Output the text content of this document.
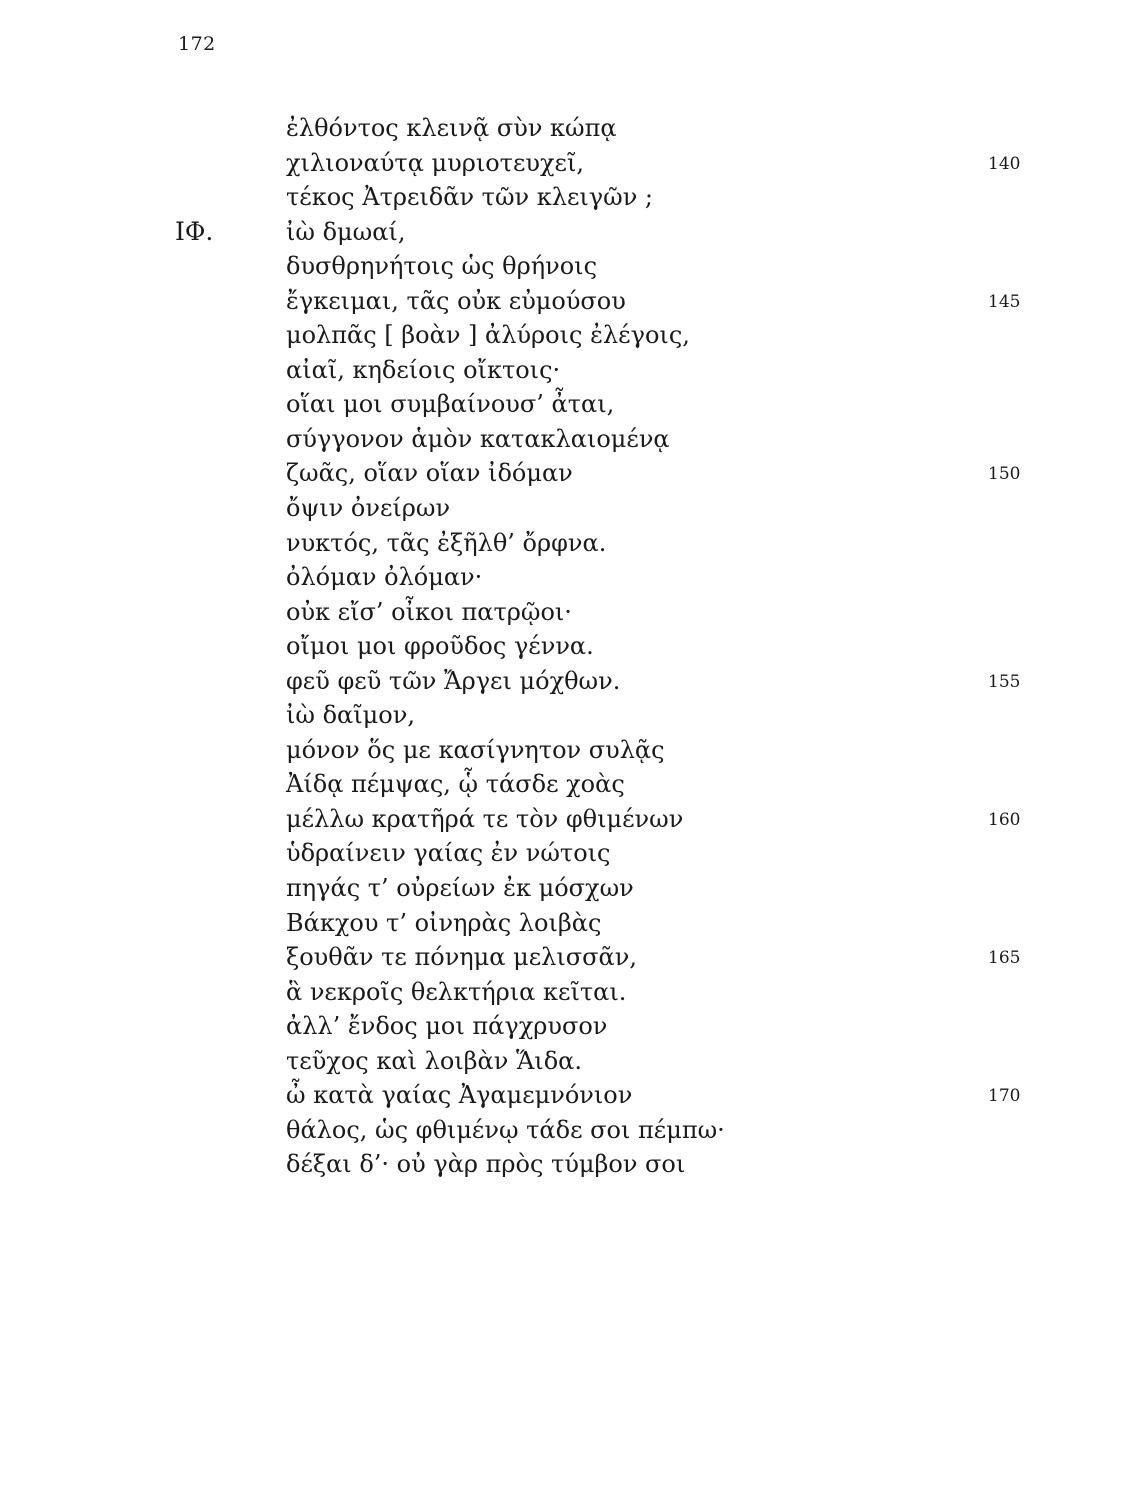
172
ἐλθόντος κλεινᾷ σὺν κώπᾳ
χιλιοναύτᾳ μυριοτευχεῖ,	140
τέκος Ἀτρειδᾶν τῶν κλειγῶν ;
ΙΦ.	ἰὼ δμωαί,
δυσθρηνήτοις ὡς θρήνοις
ἔγκειμαι, τᾶς οὐκ εὐμούσου	145
μολπᾶς [ βοὰν ] ἀλύροις ἐλέγοις,
αἰαῖ, κηδείοις οἴκτοις·
οἵαι μοι συμβαίνουσ’ ἆται,
σύγγονον ἁμὸν κατακλαιομένᾳ
ζωᾶς, οἵαν οἵαν ἰδόμαν	150
ὄψιν ὀνείρων
νυκτός, τᾶς ἐξῆλθ’ ὄρφνα.
ὀλόμαν ὀλόμαν·
οὐκ εἴσ’ οἶκοι πατρῷοι·
οἴμοι μοι φροῦδος γέννα.
φεῦ φεῦ τῶν Ἄργει μόχθων.	155
ἰὼ δαῖμον,
μόνον ὅς με κασίγνητον συλᾷς
Ἀίδᾳ πέμψας, ᾧ τάσδε χοὰς
μέλλω κρατῆρά τε τὸν φθιμένων	160
ὑδραίνειν γαίας ἐν νώτοις
πηγάς τ’ οὐρείων ἐκ μόσχων
Βάκχου τ’ οἰνηρὰς λοιβὰς
ξουθᾶν τε πόνημα μελισσᾶν,	165
ἃ νεκροῖς θελκτήρια κεῖται.
ἀλλ’ ἔνδος μοι πάγχρυσον
τεῦχος καὶ λοιβὰν Ἅιδα.
ὦ κατὰ γαίας Ἀγαμεμνόνιον	170
θάλος, ὡς φθιμένῳ τάδε σοι πέμπω·
δέξαι δ’· οὐ γὰρ πρὸς τύμβον σοι
